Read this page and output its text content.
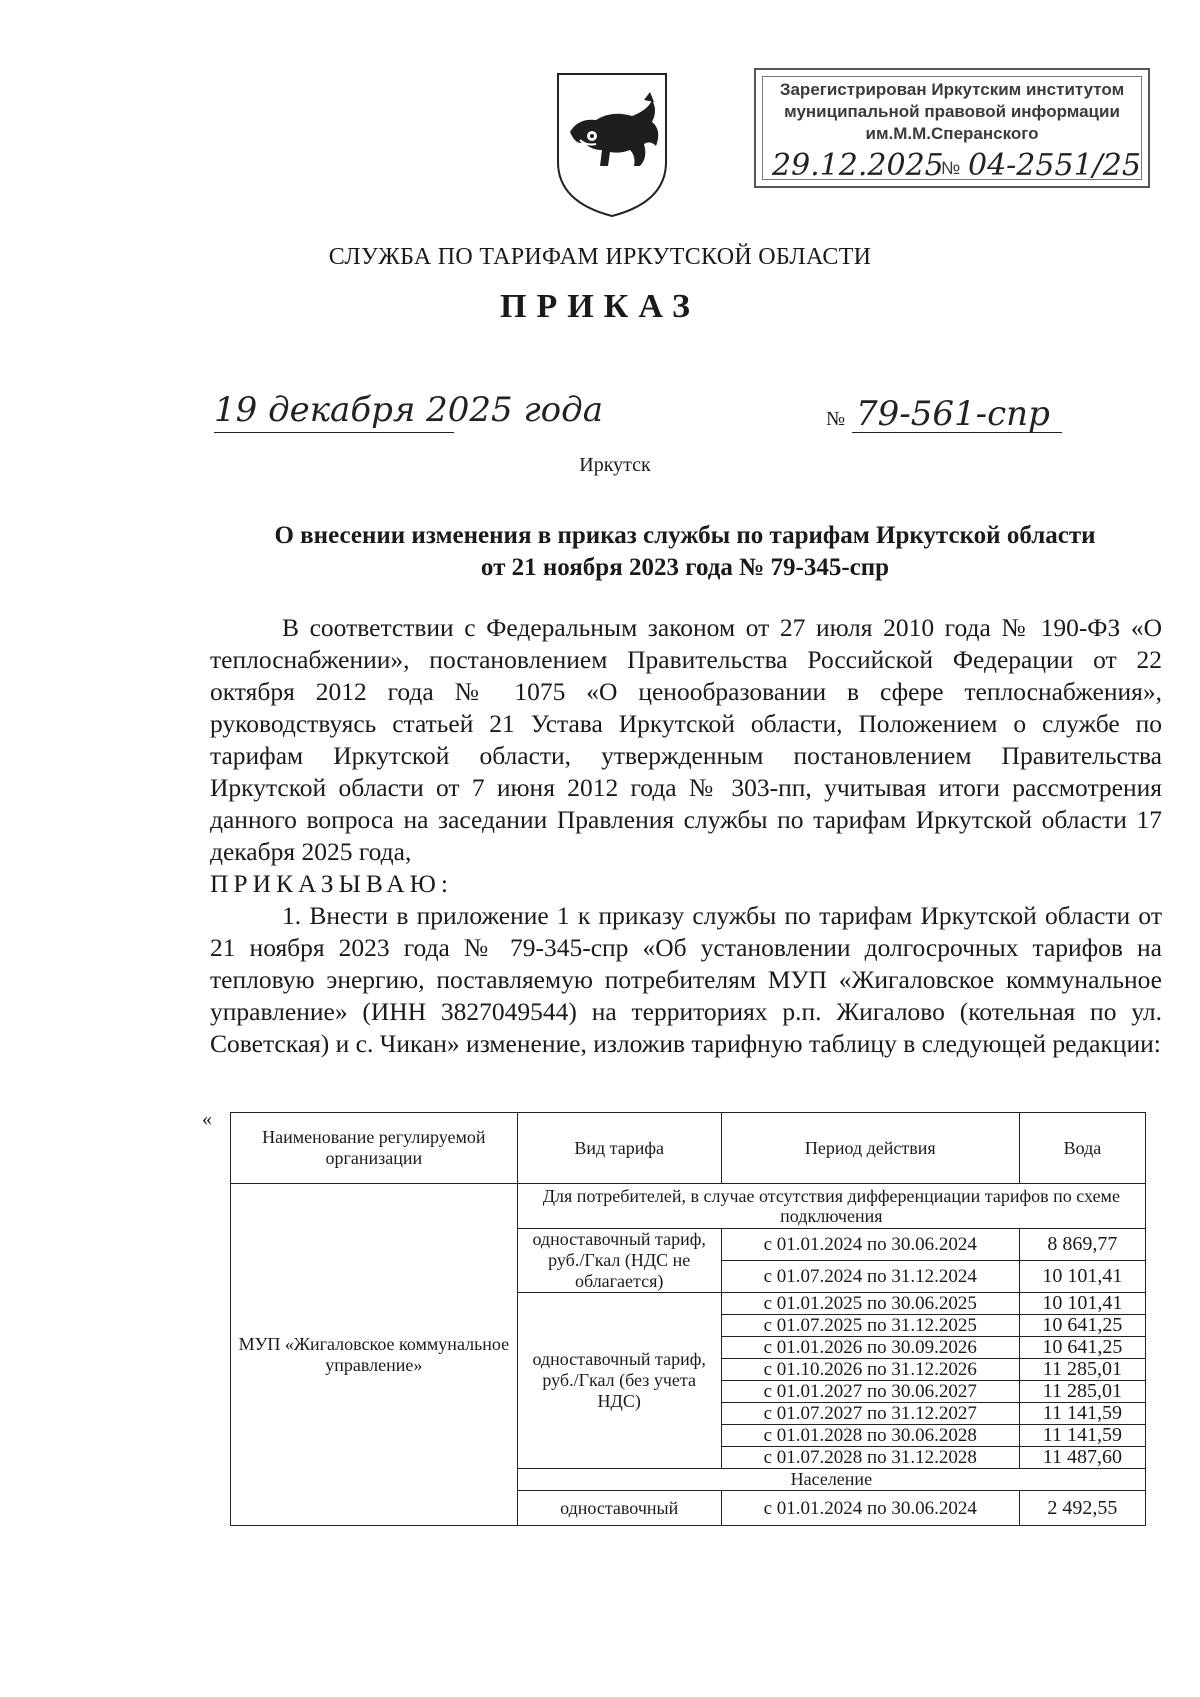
Зарегистрирован Иркутским институтом
муниципальной правовой информации
им.М.М.Сперанского
29.12.2025
№ 04-2551/25
СЛУЖБА ПО ТАРИФАМ ИРКУТСКОЙ ОБЛАСТИ
ПРИКАЗ
19 декабря 2025 года	№ 79-561-спр
Иркутск
О внесении изменения в приказ службы по тарифам Иркутской области
от 21 ноября 2023 года № 79-345-спр

В соответствии с Федеральным законом от 27 июля 2010 года № 190-ФЗ «О теплоснабжении», постановлением Правительства Российской Федерации от 22 октября 2012 года № 1075 «О ценообразовании в сфере теплоснабжения», руководствуясь статьей 21 Устава Иркутской области, Положением о службе по тарифам Иркутской области, утвержденным постановлением Правительства Иркутской области от 7 июня 2012 года № 303-пп, учитывая итоги рассмотрения данного вопроса на заседании Правления службы по тарифам Иркутской области 17 декабря 2025 года,

ПРИКАЗЫВАЮ:

1. Внести в приложение 1 к приказу службы по тарифам Иркутской области от 21 ноября 2023 года № 79-345-спр «Об установлении долгосрочных тарифов на тепловую энергию, поставляемую потребителям МУП «Жигаловское коммунальное управление» (ИНН 3827049544) на территориях р.п. Жигалово (котельная по ул. Советская) и с. Чикан» изменение, изложив тарифную таблицу в следующей редакции:

«
Наименование регулируемой организации	Вид тарифа	Период действия	Вода
МУП «Жигаловское коммунальное управление»	Для потребителей, в случае отсутствия дифференциации тарифов по схеме подключения		
	одноставочный тариф, руб./Гкал (НДС не облагается)	с 01.01.2024 по 30.06.2024	8 869,77
		с 01.07.2024 по 31.12.2024	10 101,41
	одноставочный тариф, руб./Гкал (без учета НДС)	с 01.01.2025 по 30.06.2025	10 101,41
		с 01.07.2025 по 31.12.2025	10 641,25
		с 01.01.2026 по 30.09.2026	10 641,25
		с 01.10.2026 по 31.12.2026	11 285,01
		с 01.01.2027 по 30.06.2027	11 285,01
		с 01.07.2027 по 31.12.2027	11 141,59
		с 01.01.2028 по 30.06.2028	11 141,59
		с 01.07.2028 по 31.12.2028	11 487,60
	Население		
	одноставочный	с 01.01.2024 по 30.06.2024	2 492,55
